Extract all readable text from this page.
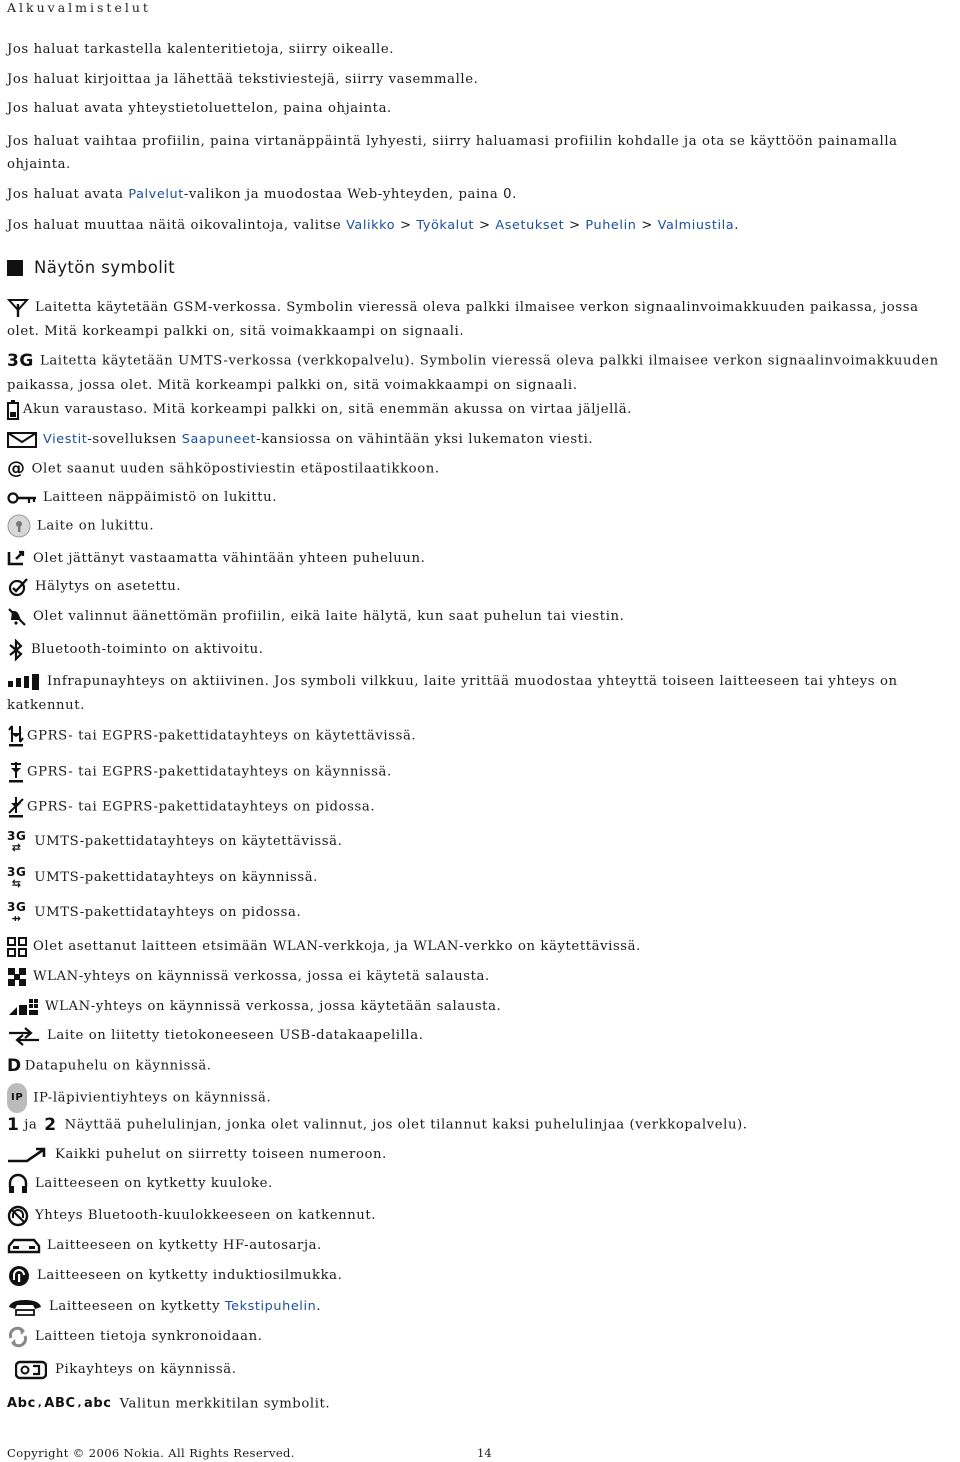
Alkuvalmistelut
Jos haluat tarkastella kalenteritietoja, siirry oikealle.
Jos haluat kirjoittaa ja lähettää tekstiviestejä, siirry vasemmalle.
Jos haluat avata yhteystietoluettelon, paina ohjainta.
Jos haluat vaihtaa profiilin, paina virtanäppäintä lyhyesti, siirry haluamasi profiilin kohdalle ja ota se käyttöön painamalla ohjainta.
Jos haluat avata Palvelut-valikon ja muodostaa Web-yhteyden, paina 0.
Jos haluat muuttaa näitä oikovalintoja, valitse Valikko > Työkalut > Asetukset > Puhelin > Valmiustila.
Näytön symbolit
Laitetta käytetään GSM-verkossa. Symbolin vieressä oleva palkki ilmaisee verkon signaalinvoimakkuuden paikassa, jossa olet. Mitä korkeampi palkki on, sitä voimakkaampi on signaali.
3G Laitetta käytetään UMTS-verkossa (verkkopalvelu). Symbolin vieressä oleva palkki ilmaisee verkon signaalinvoimakkuuden paikassa, jossa olet. Mitä korkeampi palkki on, sitä voimakkaampi on signaali.
Akun varaustaso. Mitä korkeampi palkki on, sitä enemmän akussa on virtaa jäljellä.
Viestit-sovelluksen Saapuneet-kansiossa on vähintään yksi lukematon viesti.
@ Olet saanut uuden sähköpostiviestin etäpostilaatikkoon.
Laitteen näppäimistö on lukittu.
Laite on lukittu.
Olet jättänyt vastaamatta vähintään yhteen puheluun.
Hälytys on asetettu.
Olet valinnut äänettömän profiilin, eikä laite hälytä, kun saat puhelun tai viestin.
Bluetooth-toiminto on aktivoitu.
Infrapunayhteys on aktiivinen. Jos symboli vilkkuu, laite yrittää muodostaa yhteyttä toiseen laitteeseen tai yhteys on katkennut.
GPRS- tai EGPRS-pakettidatayhteys on käytettävissä.
GPRS- tai EGPRS-pakettidatayhteys on käynnissä.
GPRS- tai EGPRS-pakettidatayhteys on pidossa.
3G
⇄ UMTS-pakettidatayhteys on käytettävissä.
3G
⇆ UMTS-pakettidatayhteys on käynnissä.
3G
⇸ UMTS-pakettidatayhteys on pidossa.
Olet asettanut laitteen etsimään WLAN-verkkoja, ja WLAN-verkko on käytettävissä.
WLAN-yhteys on käynnissä verkossa, jossa ei käytetä salausta.
WLAN-yhteys on käynnissä verkossa, jossa käytetään salausta.
Laite on liitetty tietokoneeseen USB-datakaapelilla.
D Datapuhelu on käynnissä.
IP IP-läpivientiyhteys on käynnissä.
1 ja 2 Näyttää puhelulinjan, jonka olet valinnut, jos olet tilannut kaksi puhelulinjaa (verkkopalvelu).
Kaikki puhelut on siirretty toiseen numeroon.
Laitteeseen on kytketty kuuloke.
Yhteys Bluetooth-kuulokkeeseen on katkennut.
Laitteeseen on kytketty HF-autosarja.
Laitteeseen on kytketty induktiosilmukka.
Laitteeseen on kytketty Tekstipuhelin.
Laitteen tietoja synkronoidaan.
Pikayhteys on käynnissä.
Abc , ABC , abc Valitun merkkitilan symbolit.
Copyright © 2006 Nokia. All Rights Reserved.	14
